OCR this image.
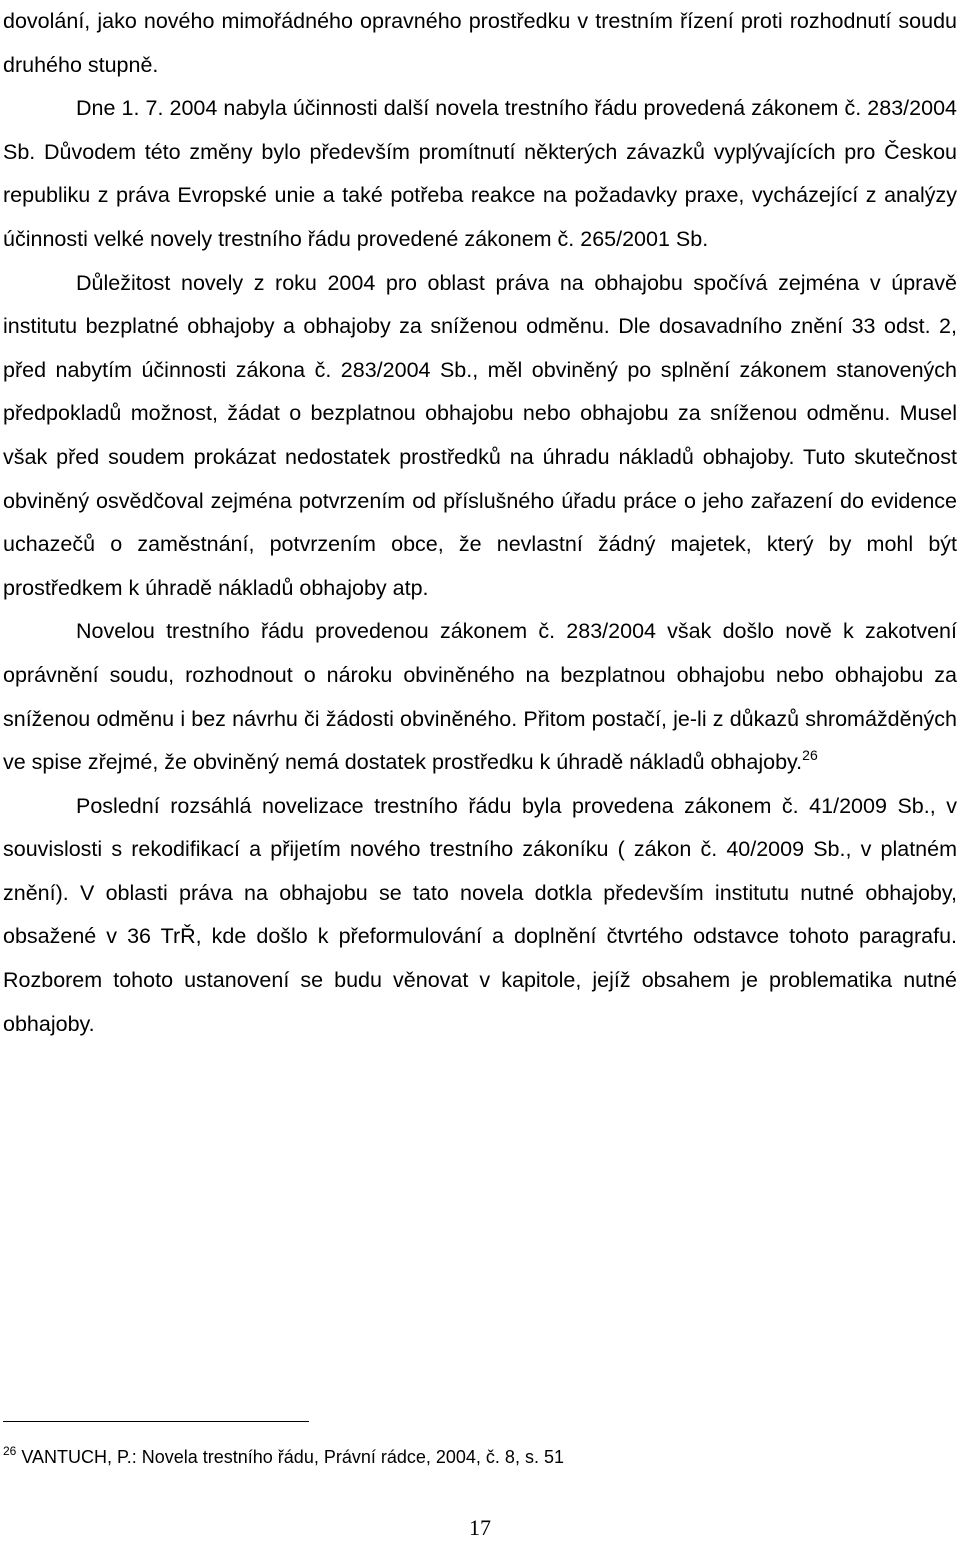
dovolání, jako nového mimořádného opravného prostředku v trestním řízení proti rozhodnutí soudu druhého stupně.

Dne 1. 7. 2004 nabyla účinnosti další novela trestního řádu provedená zákonem č. 283/2004 Sb. Důvodem této změny bylo především promítnutí některých závazků vyplývajících pro Českou republiku z práva Evropské unie a také potřeba reakce na požadavky praxe, vycházející z analýzy účinnosti velké novely trestního řádu provedené zákonem č. 265/2001 Sb.

Důležitost novely z roku 2004 pro oblast práva na obhajobu spočívá zejména v úpravě institutu bezplatné obhajoby a obhajoby za sníženou odměnu. Dle dosavadního znění 33 odst. 2, před nabytím účinnosti zákona č. 283/2004 Sb., měl obviněný po splnění zákonem stanovených předpokladů možnost, žádat o bezplatnou obhajobu nebo obhajobu za sníženou odměnu. Musel však před soudem prokázat nedostatek prostředků na úhradu nákladů obhajoby. Tuto skutečnost obviněný osvědčoval zejména potvrzením od příslušného úřadu práce o jeho zařazení do evidence uchazečů o zaměstnání, potvrzením obce, že nevlastní žádný majetek, který by mohl být prostředkem k úhradě nákladů obhajoby atp.

Novelou trestního řádu provedenou zákonem č. 283/2004 však došlo nově k zakotvení oprávnění soudu, rozhodnout o nároku obviněného na bezplatnou obhajobu nebo obhajobu za sníženou odměnu i bez návrhu či žádosti obviněného. Přitom postačí, je-li z důkazů shromážděných ve spise zřejmé, že obviněný nemá dostatek prostředku k úhradě nákladů obhajoby.$^{26}$

Poslední rozsáhlá novelizace trestního řádu byla provedena zákonem č. 41/2009 Sb., v souvislosti s rekodifikací a přijetím nového trestního zákoníku ( zákon č. 40/2009 Sb., v platném znění). V oblasti práva na obhajobu se tato novela dotkla především institutu nutné obhajoby, obsažené v 36 TrŘ, kde došlo k přeformulování a doplnění čtvrtého odstavce tohoto paragrafu. Rozborem tohoto ustanovení se budu věnovat v kapitole, jejíž obsahem je problematika nutné obhajoby.

$^{26}$ VANTUCH, P.: Novela trestního řádu, Právní rádce, 2004, č. 8, s. 51
17
